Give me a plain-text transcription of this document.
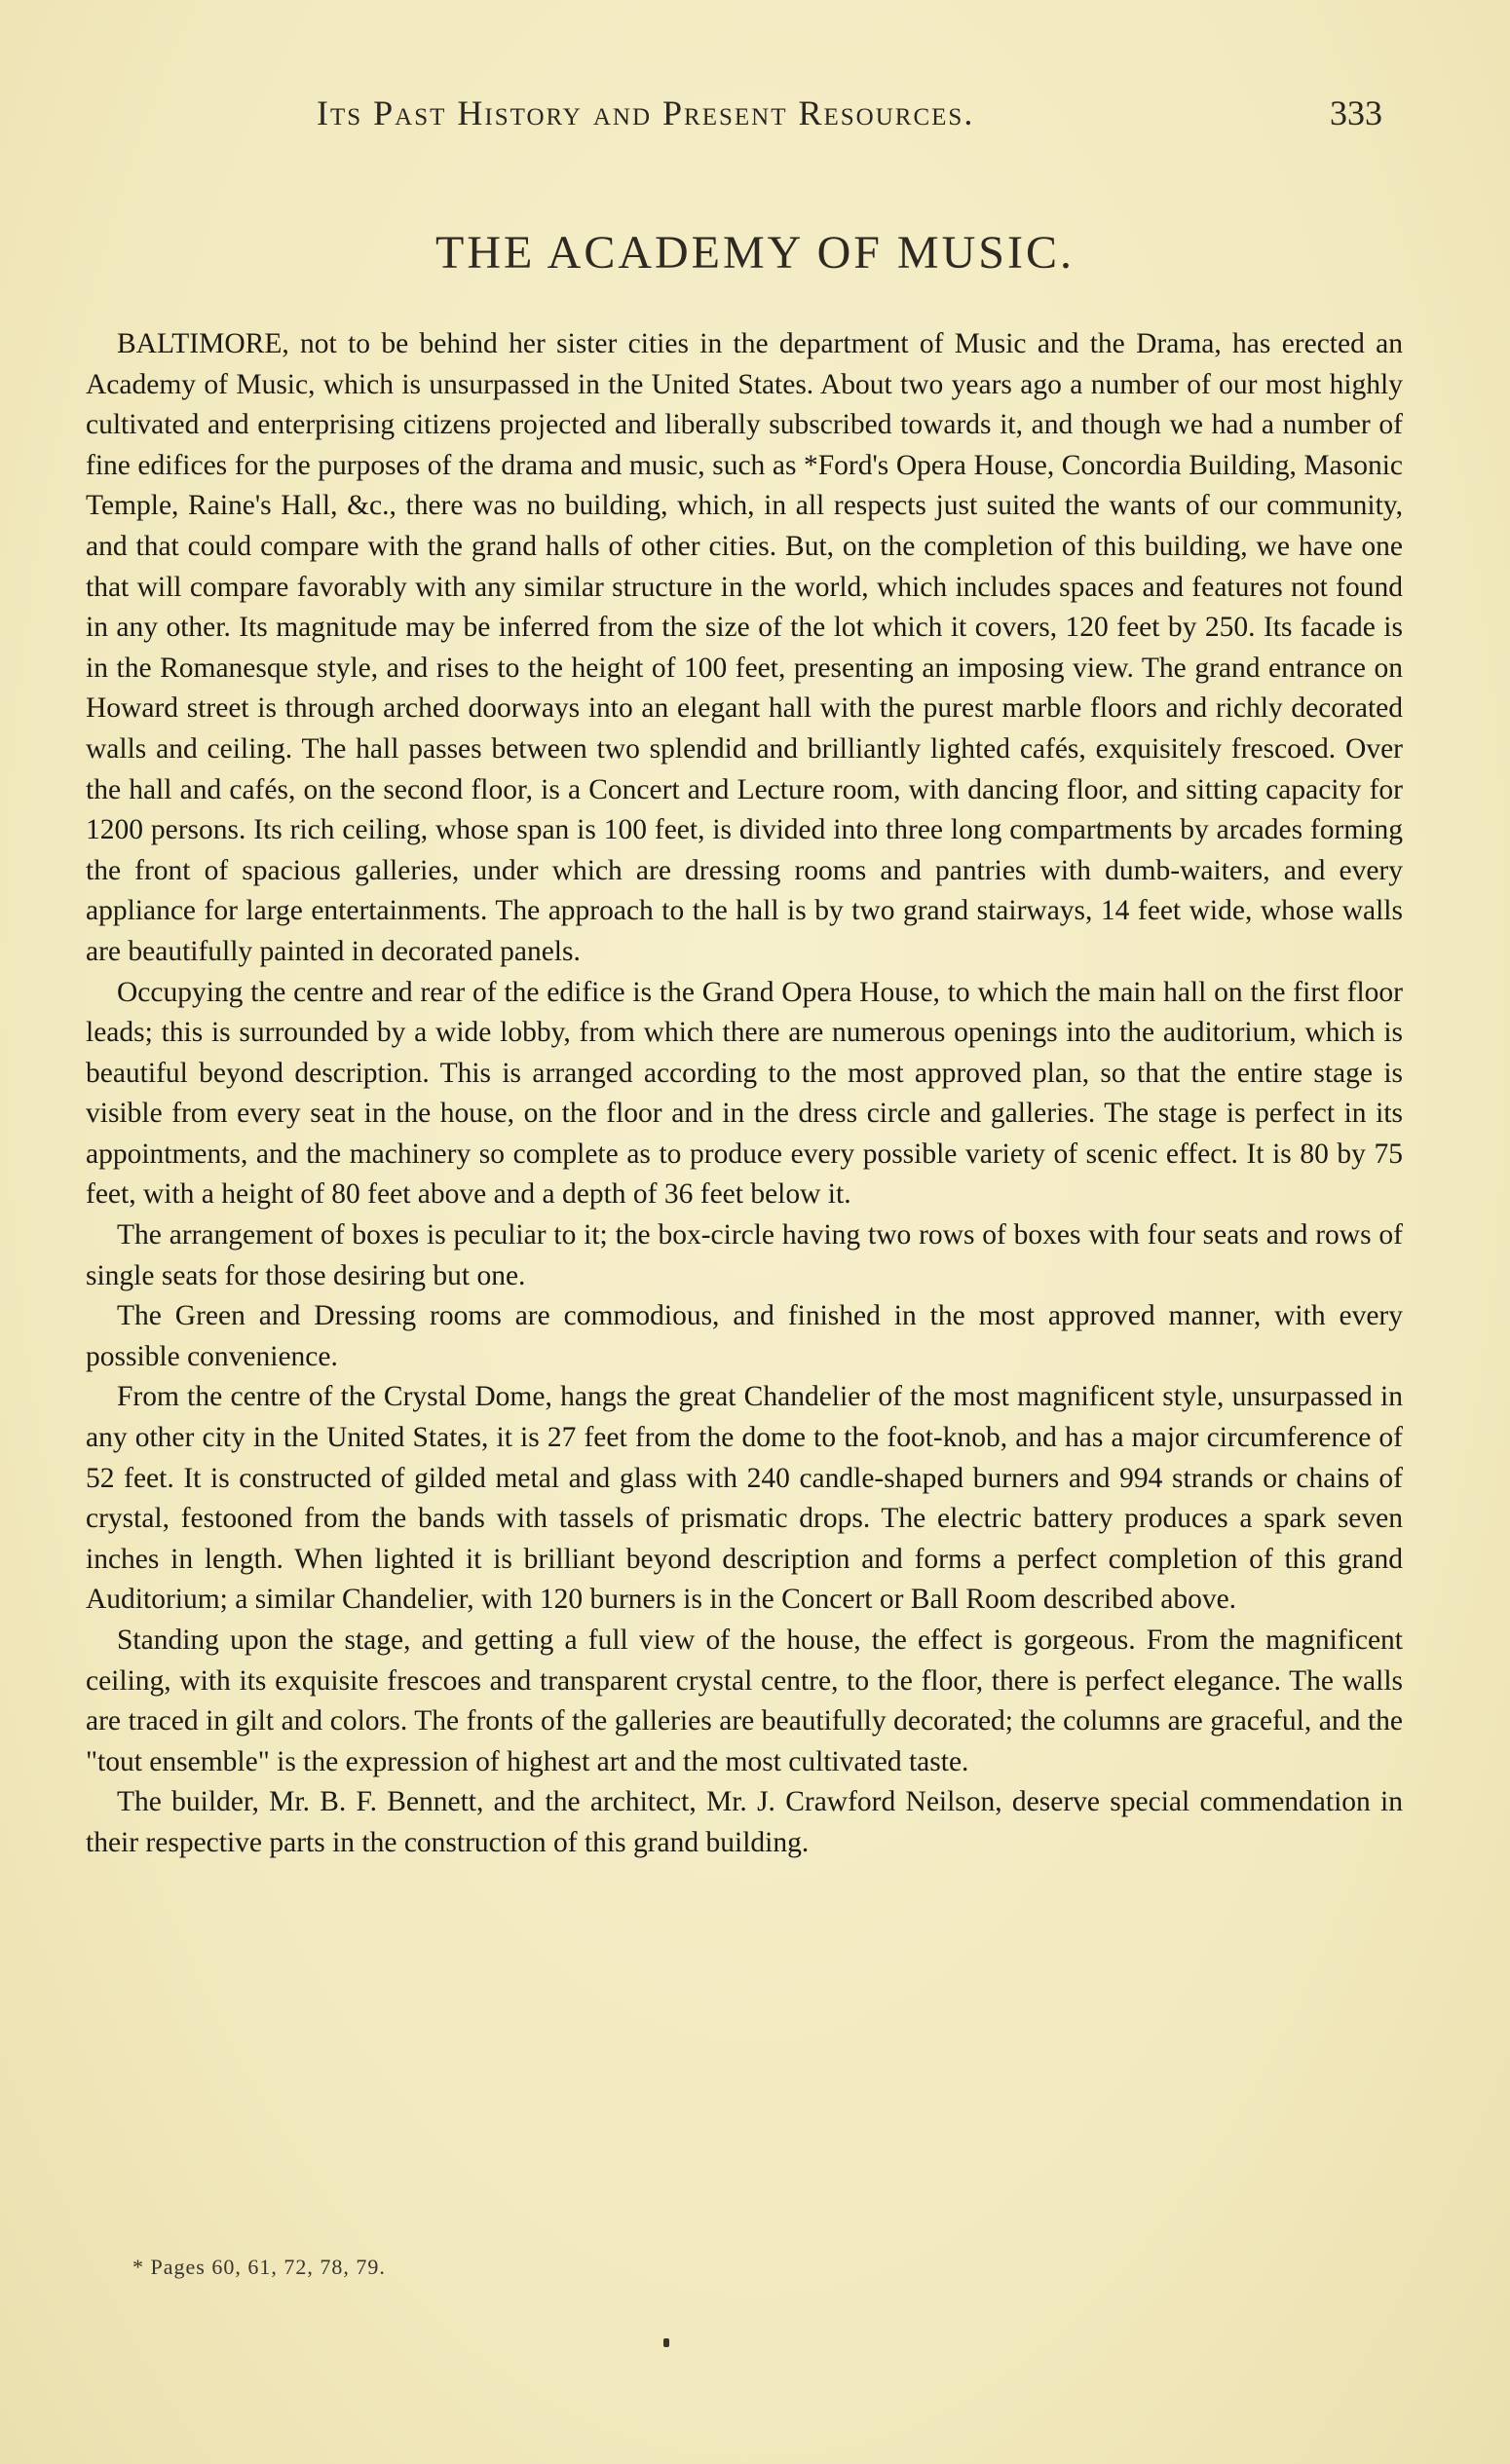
Its Past History and Present Resources.	333
THE ACADEMY OF MUSIC.

BALTIMORE, not to be behind her sister cities in the department of Music and the Drama, has erected an Academy of Music, which is unsurpassed in the United States. About two years ago a number of our most highly cultivated and enterprising citizens projected and liberally subscribed towards it, and though we had a number of fine edifices for the purposes of the drama and music, such as *Ford's Opera House, Concordia Building, Masonic Temple, Raine's Hall, &c., there was no building, which, in all respects just suited the wants of our community, and that could compare with the grand halls of other cities. But, on the completion of this building, we have one that will compare favorably with any similar structure in the world, which includes spaces and features not found in any other. Its magnitude may be inferred from the size of the lot which it covers, 120 feet by 250. Its facade is in the Romanesque style, and rises to the height of 100 feet, presenting an imposing view. The grand entrance on Howard street is through arched doorways into an elegant hall with the purest marble floors and richly decorated walls and ceiling. The hall passes between two splendid and brilliantly lighted cafés, exquisitely frescoed. Over the hall and cafés, on the second floor, is a Concert and Lecture room, with dancing floor, and sitting capacity for 1200 persons. Its rich ceiling, whose span is 100 feet, is divided into three long compartments by arcades forming the front of spacious galleries, under which are dressing rooms and pantries with dumb-waiters, and every appliance for large entertainments. The approach to the hall is by two grand stairways, 14 feet wide, whose walls are beautifully painted in decorated panels.

Occupying the centre and rear of the edifice is the Grand Opera House, to which the main hall on the first floor leads; this is surrounded by a wide lobby, from which there are numerous openings into the auditorium, which is beautiful beyond description. This is arranged according to the most approved plan, so that the entire stage is visible from every seat in the house, on the floor and in the dress circle and galleries. The stage is perfect in its appointments, and the machinery so complete as to produce every possible variety of scenic effect. It is 80 by 75 feet, with a height of 80 feet above and a depth of 36 feet below it.

The arrangement of boxes is peculiar to it; the box-circle having two rows of boxes with four seats and rows of single seats for those desiring but one.

The Green and Dressing rooms are commodious, and finished in the most approved manner, with every possible convenience.

From the centre of the Crystal Dome, hangs the great Chandelier of the most magnificent style, unsurpassed in any other city in the United States, it is 27 feet from the dome to the foot-knob, and has a major circumference of 52 feet. It is constructed of gilded metal and glass with 240 candle-shaped burners and 994 strands or chains of crystal, festooned from the bands with tassels of prismatic drops. The electric battery produces a spark seven inches in length. When lighted it is brilliant beyond description and forms a perfect completion of this grand Auditorium; a similar Chandelier, with 120 burners is in the Concert or Ball Room described above.

Standing upon the stage, and getting a full view of the house, the effect is gorgeous. From the magnificent ceiling, with its exquisite frescoes and transparent crystal centre, to the floor, there is perfect elegance. The walls are traced in gilt and colors. The fronts of the galleries are beautifully decorated; the columns are graceful, and the "tout ensemble" is the expression of highest art and the most cultivated taste.

The builder, Mr. B. F. Bennett, and the architect, Mr. J. Crawford Neilson, deserve special commendation in their respective parts in the construction of this grand building.

* Pages 60, 61, 72, 78, 79.
